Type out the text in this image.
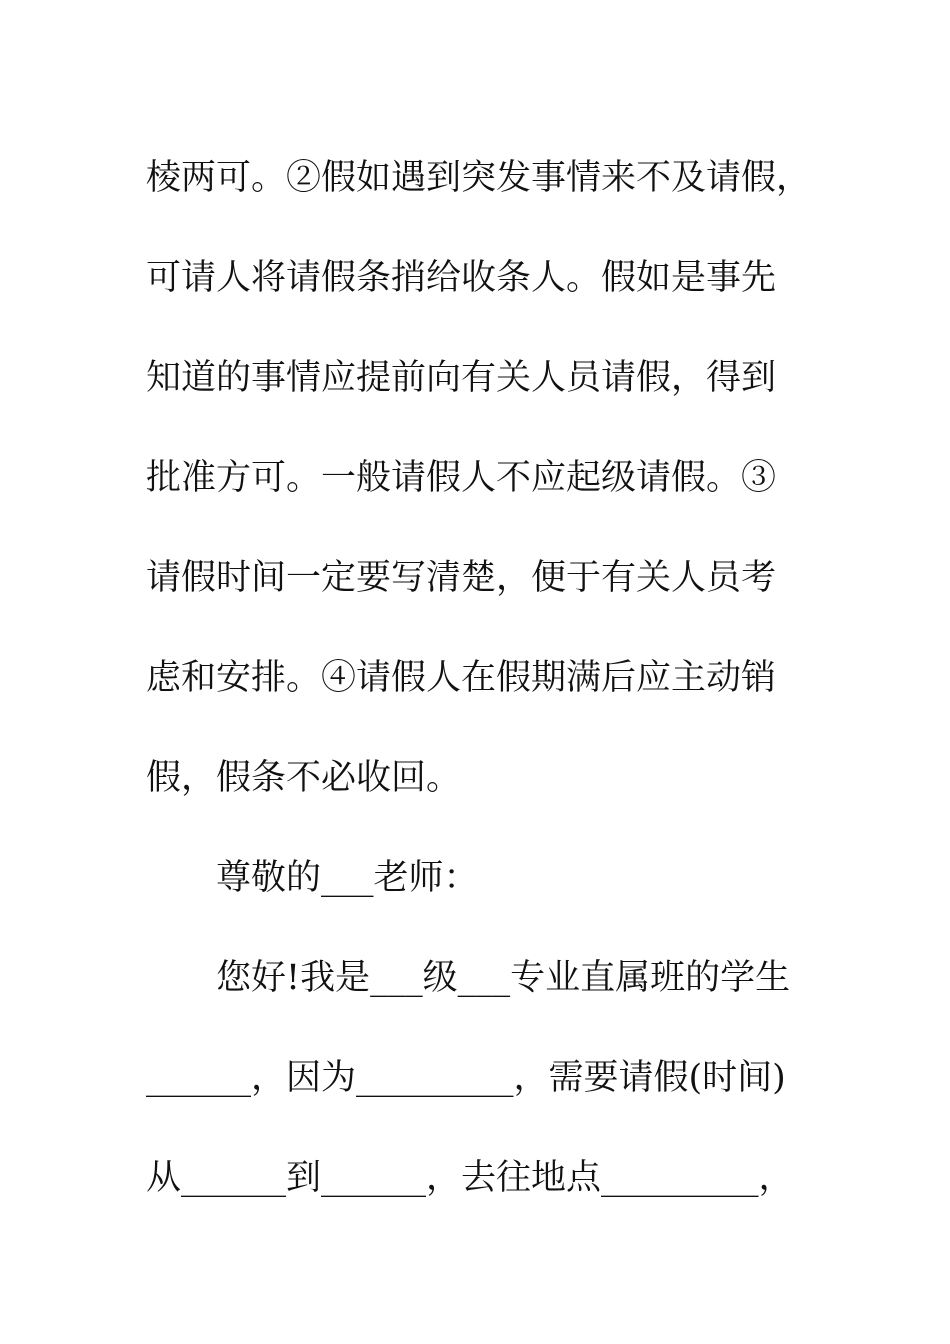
棱两可。②假如遇到突发事情来不及请假，
可请人将请假条捎给收条人。假如是事先
知道的事情应提前向有关人员请假，得到
批准方可。一般请假人不应起级请假。③
请假时间一定要写清楚，便于有关人员考
虑和安排。④请假人在假期满后应主动销
假，假条不必收回。
尊敬的___老师：
您好!我是___级___专业直属班的学生
______，因为_________，需要请假(时间)
从______到______，去往地点_________，
